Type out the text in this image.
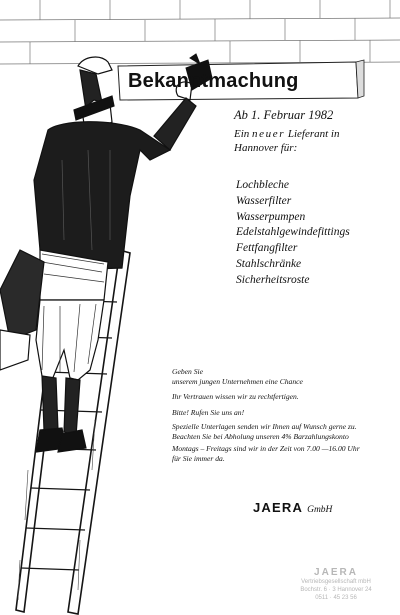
Bekanntmachung
Ab 1. Februar 1982
Ein neuer Lieferant in
Hannover für:
Lochbleche
Wasserfilter
Wasserpumpen
Edelstahlgewindefittings
Fettfangfilter
Stahlschränke
Sicherheitsroste
Geben Sie
unserem jungen Unternehmen eine Chance
Ihr Vertrauen wissen wir zu rechtfertigen.
Bitte! Rufen Sie uns an!
Spezielle Unterlagen senden wir Ihnen auf Wunsch gerne zu.
Beachten Sie bei Abholung unseren 4% Barzahlungskonto
Montags – Freitags sind wir in der Zeit von 7.00 —16.00 Uhr
für Sie immer da.
JAERA GmbH
JAERA
Vertriebsgesellschaft mbH
Bochstr. 6 · 3 Hannover 24
0511 · 45 23 56
